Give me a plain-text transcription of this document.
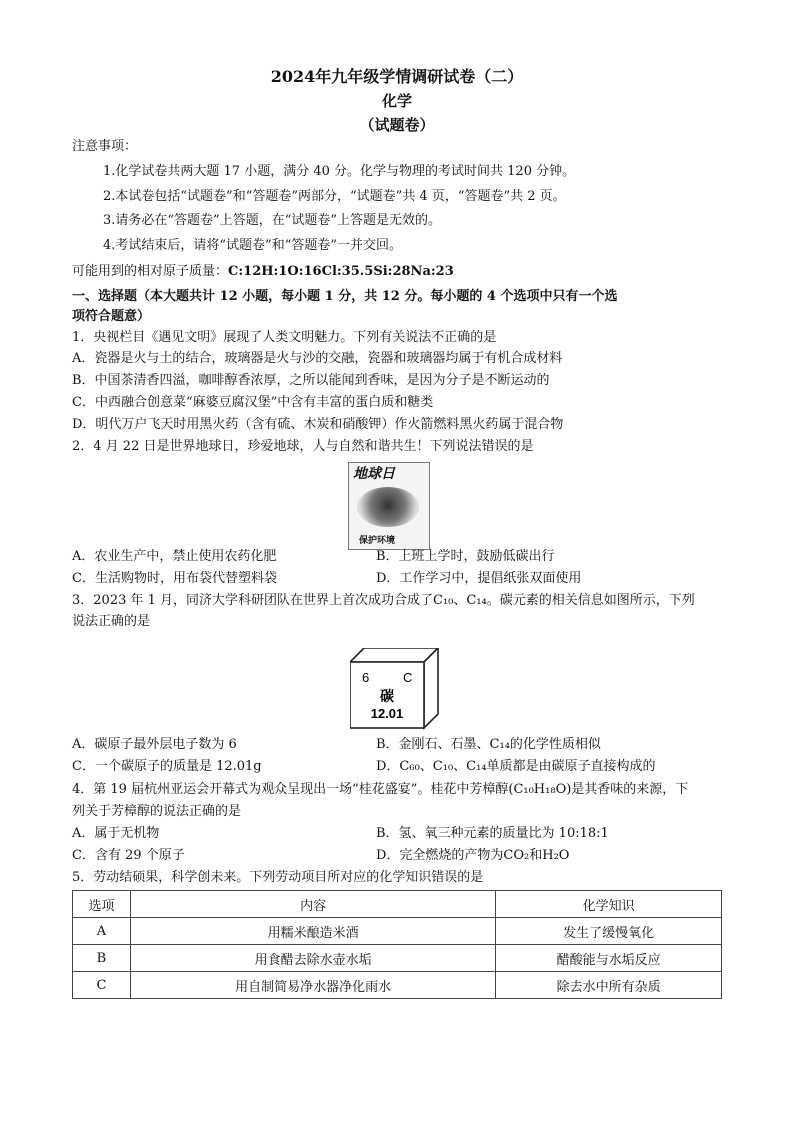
2024年九年级学情调研试卷（二）
化学
（试题卷）
注意事项：
1.化学试卷共两大题 17 小题，满分 40 分。化学与物理的考试时间共 120 分钟。
2.本试卷包括“试题卷”和“答题卷”两部分，“试题卷”共 4 页，“答题卷”共 2 页。
3.请务必在“答题卷”上答题，在“试题卷”上答题是无效的。
4.考试结束后，请将“试题卷”和“答题卷”一并交回。
可能用到的相对原子质量：C:12H:1O:16Cl:35.5Si:28Na:23
一、选择题（本大题共计 12 小题，每小题 1 分，共 12 分。每小题的 4 个选项中只有一个选
项符合题意）
1．央视栏目《遇见文明》展现了人类文明魅力。下列有关说法不正确的是
A．瓷器是火与土的结合，玻璃器是火与沙的交融，瓷器和玻璃器均属于有机合成材料
B．中国茶清香四溢，咖啡醇香浓厚，之所以能闻到香味，是因为分子是不断运动的
C．中西融合创意菜“麻婆豆腐汉堡”中含有丰富的蛋白质和糖类
D．明代万户飞天时用黑火药（含有硫、木炭和硝酸钾）作火箭燃料黑火药属于混合物
2．4 月 22 日是世界地球日，珍爱地球，人与自然和谐共生！下列说法错误的是
地球日
保护环境
A．农业生产中，禁止使用农药化肥	B．上班上学时，鼓励低碳出行
C．生活购物时，用布袋代替塑料袋	D．工作学习中，提倡纸张双面使用
3．2023 年 1 月，同济大学科研团队在世界上首次成功合成了C₁₀、C₁₄。碳元素的相关信息如图所示，下列
说法正确的是
6	C
碳
12.01
A．碳原子最外层电子数为 6	B．金刚石、石墨、C₁₄的化学性质相似
C．一个碳原子的质量是 12.01g	D．C₆₀、C₁₀、C₁₄单质都是由碳原子直接构成的
4．第 19 届杭州亚运会开幕式为观众呈现出一场“桂花盛宴”。桂花中芳樟醇(C₁₀H₁₈O)是其香味的来源，下
列关于芳樟醇的说法正确的是
A．属于无机物	B．氢、氧三种元素的质量比为 10:18:1
C．含有 29 个原子	D．完全燃烧的产物为CO₂和H₂O
5．劳动结硕果，科学创未来。下列劳动项目所对应的化学知识错误的是
选项	内容	化学知识
A	用糯米酿造米酒	发生了缓慢氧化
B	用食醋去除水壶水垢	醋酸能与水垢反应
C	用自制简易净水器净化雨水	除去水中所有杂质
